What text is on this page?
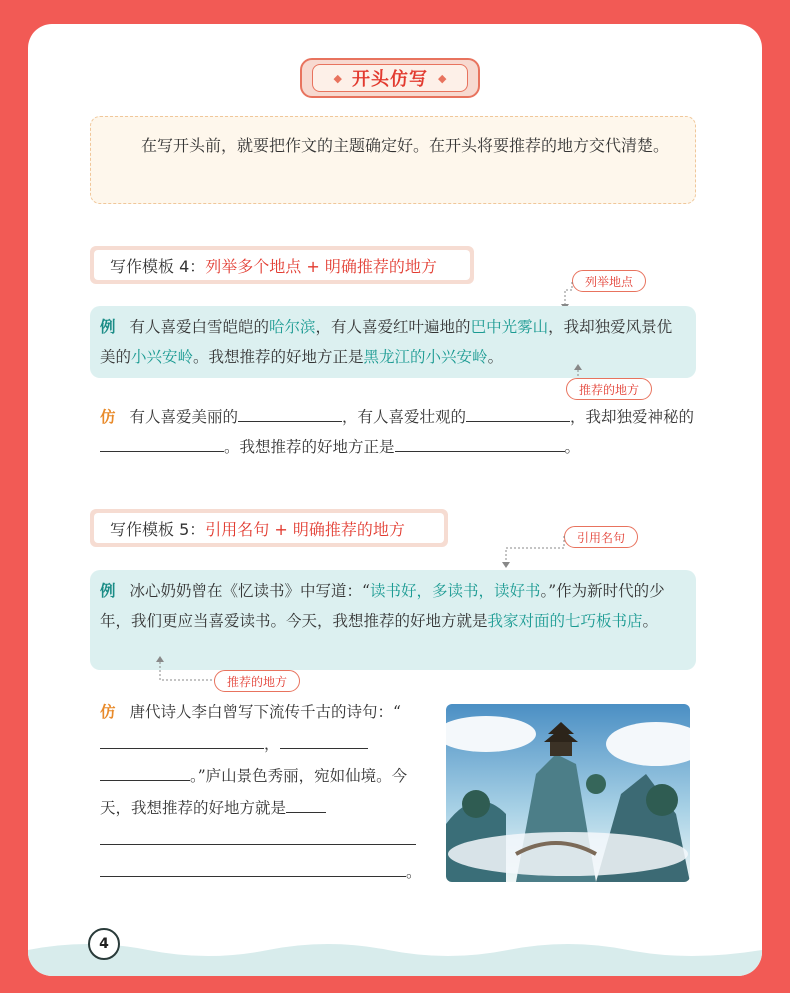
◆ 开头仿写 ◆

在写开头前，就要把作文的主题确定好。在开头将要推荐的地方交代清楚。

写作模板 4： 列举多个地点 + 明确推荐的地方
列举地点
例 有人喜爱白雪皑皑的哈尔滨，有人喜爱红叶遍地的巴中光雾山，我却独爱风景优美的小兴安岭。我想推荐的好地方正是黑龙江的小兴安岭。
推荐的地方
仿 有人喜爱美丽的	，有人喜爱壮观的	，我却独爱神秘的。我想推荐的好地方正是	。
写作模板 5： 引用名句 + 明确推荐的地方	引用名句
例 冰心奶奶曾在《忆读书》中写道：“读书好，多读书，读好书。”作为新时代的少年，我们更应当喜爱读书。今天，我想推荐的好地方就是我家对面的七巧板书店。
推荐的地方
仿 唐代诗人李白曾写下流传千古的诗句：“，。”庐山景色秀丽，宛如仙境。今天，我想推荐的好地方就是。
4
